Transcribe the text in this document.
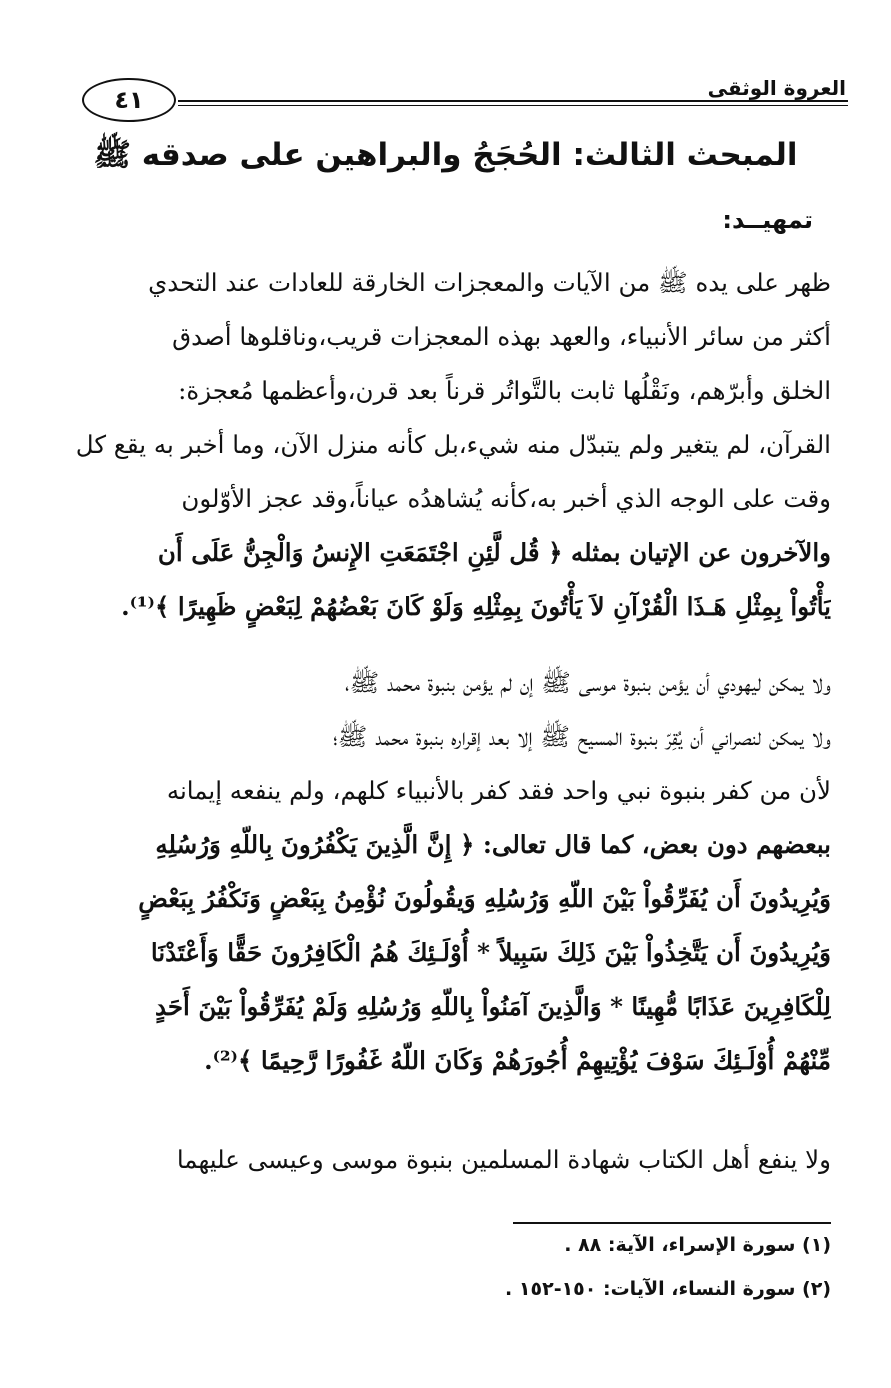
العروة الوثقى
٤١
المبحث الثالث: الحُجَجُ والبراهين على صدقه ﷺ
تمهيــد:
ظهر على يده ﷺ من الآيات والمعجزات الخارقة للعادات عند التحدي
أكثر من سائر الأنبياء، والعهد بهذه المعجزات قريب،وناقلوها أصدق
الخلق وأبرّهم، ونَقْلُها ثابت بالتَّواتُر قرناً بعد قرن،وأعظمها مُعجزة:
القرآن، لم يتغير ولم يتبدّل منه شيء،بل كأنه منزل الآن، وما أخبر به يقع كل
وقت على الوجه الذي أخبر به،كأنه يُشاهدُه عياناً،وقد عجز الأوّلون
والآخرون عن الإتيان بمثله ﴿ قُل لَّئِنِ اجْتَمَعَتِ الإِنسُ وَالْجِنُّ عَلَى أَن
يَأْتُواْ بِمِثْلِ هَـذَا الْقُرْآنِ لاَ يَأْتُونَ بِمِثْلِهِ وَلَوْ كَانَ بَعْضُهُمْ لِبَعْضٍ ظَهِيرًا ﴾⁽¹⁾.
ولا يمكن ليهودي أن يؤمن بنبوة موسى ﷺ إن لم يؤمن بنبوة محمد ﷺ،
ولا يمكن لنصراني أن يُقِرّ بنبوة المسيح ﷺ إلا بعد إقراره بنبوة محمد ﷺ؛
لأن من كفر بنبوة نبي واحد فقد كفر بالأنبياء كلهم، ولم ينفعه إيمانه
ببعضهم دون بعض، كما قال تعالى: ﴿ إِنَّ الَّذِينَ يَكْفُرُونَ بِاللّهِ وَرُسُلِهِ
وَيُرِيدُونَ أَن يُفَرِّقُواْ بَيْنَ اللّهِ وَرُسُلِهِ وَيقُولُونَ نُؤْمِنُ بِبَعْضٍ وَنَكْفُرُ بِبَعْضٍ
وَيُرِيدُونَ أَن يَتَّخِذُواْ بَيْنَ ذَلِكَ سَبِيلاً * أُوْلَـئِكَ هُمُ الْكَافِرُونَ حَقًّا وَأَعْتَدْنَا
لِلْكَافِرِينَ عَذَابًا مُّهِينًا * وَالَّذِينَ آمَنُواْ بِاللّهِ وَرُسُلِهِ وَلَمْ يُفَرِّقُواْ بَيْنَ أَحَدٍ
مِّنْهُمْ أُوْلَـئِكَ سَوْفَ يُؤْتِيهِمْ أُجُورَهُمْ وَكَانَ اللّهُ غَفُورًا رَّحِيمًا ﴾⁽²⁾.
ولا ينفع أهل الكتاب شهادة المسلمين بنبوة موسى وعيسى عليهما
(١) سورة الإسراء، الآية: ٨٨ .
(٢) سورة النساء، الآيات: ١٥٠-١٥٢ .
